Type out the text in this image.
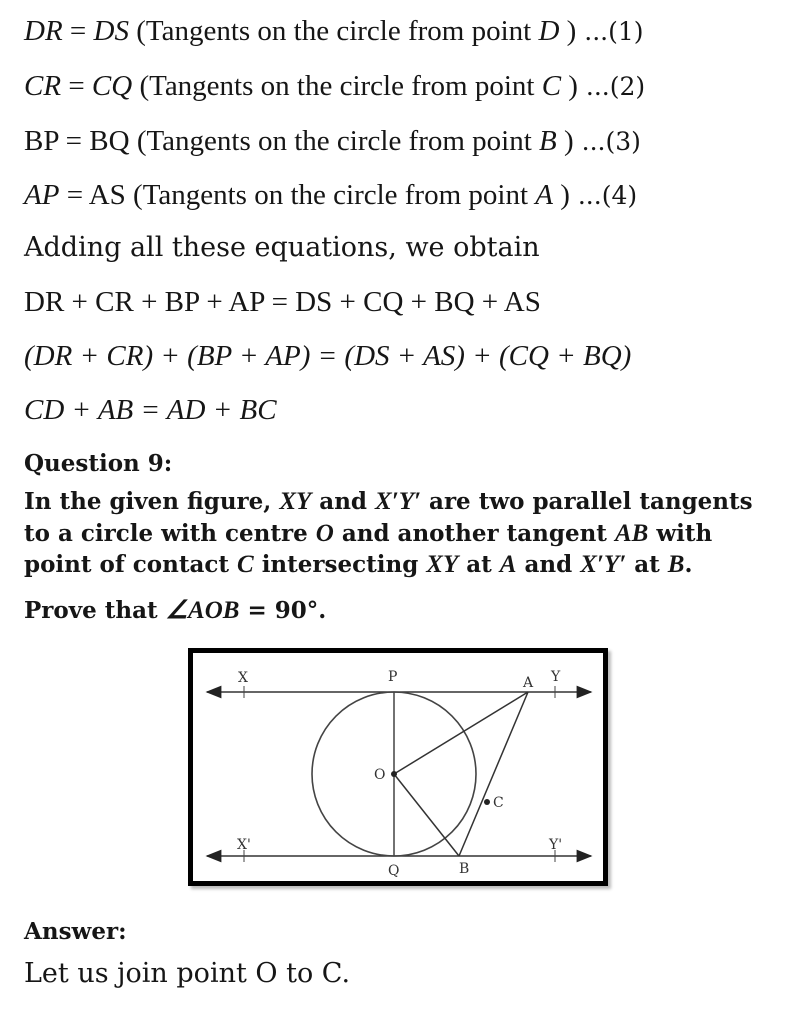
DR = DS (Tangents on the circle from point D ) ...(1)
CR = CQ (Tangents on the circle from point C ) ...(2)
BP = BQ (Tangents on the circle from point B ) ...(3)
AP = AS (Tangents on the circle from point A ) ...(4)
Adding all these equations, we obtain
DR + CR + BP + AP = DS + CQ + BQ + AS
(DR + CR) + (BP + AP) = (DS + AS) + (CQ + BQ)
CD + AB = AD + BC
Question 9:
In the given figure, XY and X′Y′ are two parallel tangents
to a circle with centre O and another tangent AB with
point of contact C intersecting XY at A and X′Y′ at B.
Prove that ∠AOB = 90°.
X	P	A Y
O
C
X'	Y'
Q	B
Answer:
Let us join point O to C.
